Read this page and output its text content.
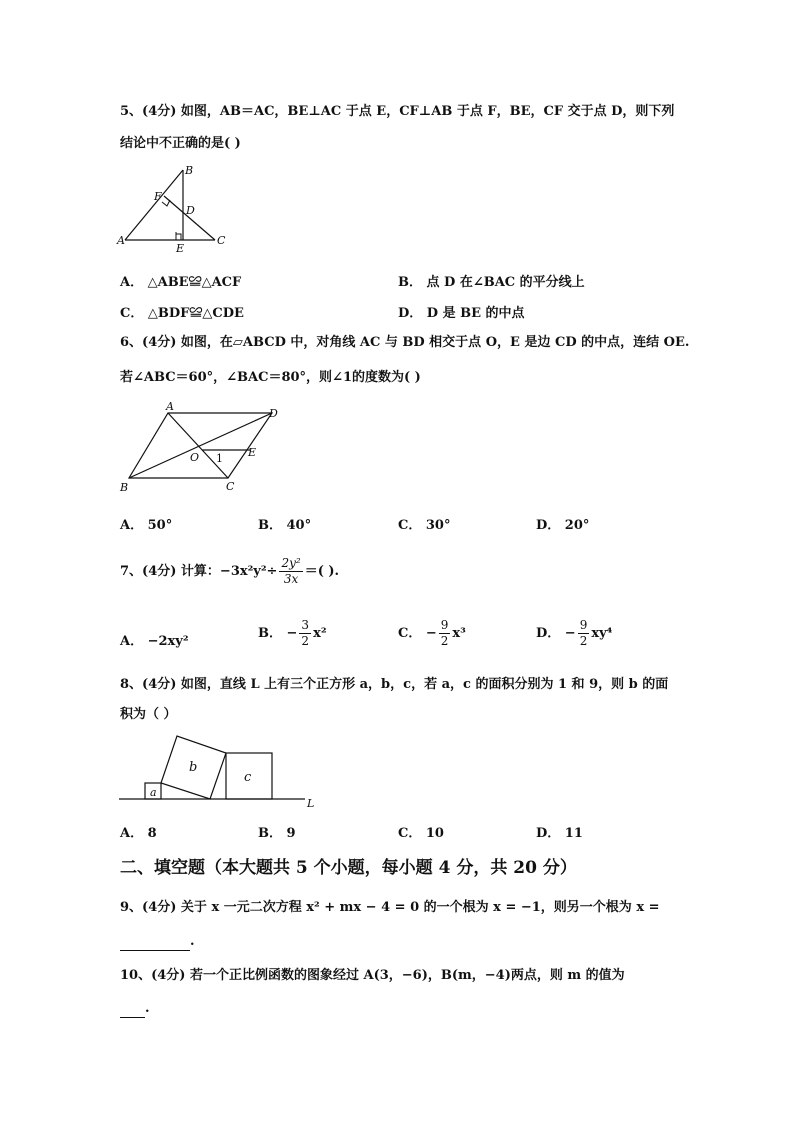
5、(4分) 如图，AB＝AC，BE⊥AC 于点 E，CF⊥AB 于点 F，BE，CF 交于点 D，则下列
结论中不正确的是( )
B
F
D
A
E
C
A． △ABE≌△ACF	B． 点 D 在∠BAC 的平分线上
C． △BDF≌△CDE	D． D 是 BE 的中点
6、(4分) 如图，在▱ABCD 中，对角线 AC 与 BD 相交于点 O，E 是边 CD 的中点，连结 OE.
若∠ABC＝60°，∠BAC＝80°，则∠1的度数为( )
A
D
O 1 E
B	C
A． 50°	B． 40°	C． 30°	D． 20°
7、(4分) 计算：$-3x^2y^2\div \frac{\text{2y²}}{3x}$ ＝( ).
A． −2xy²
B． − $\frac{3}{2} x^2$	C． − $\frac{9}{2} x^3$	D． − $\frac{9}{2} xy^4$
8、(4分) 如图，直线 L 上有三个正方形 a，b，c，若 a，c 的面积分别为 1 和 9，则 b 的面
积为（ ）
a
b
c
L
A． 8	B． 9	C． 10	D． 11
二、填空题（本大题共 5 个小题，每小题 4 分，共 20 分）
9、(4分) 关于 x 一元二次方程 x² + mx − 4 = 0 的一个根为 x = −1，则另一个根为 x =
.
10、(4分) 若一个正比例函数的图象经过 A(3，−6)，B(m，−4)两点，则 m 的值为
.
